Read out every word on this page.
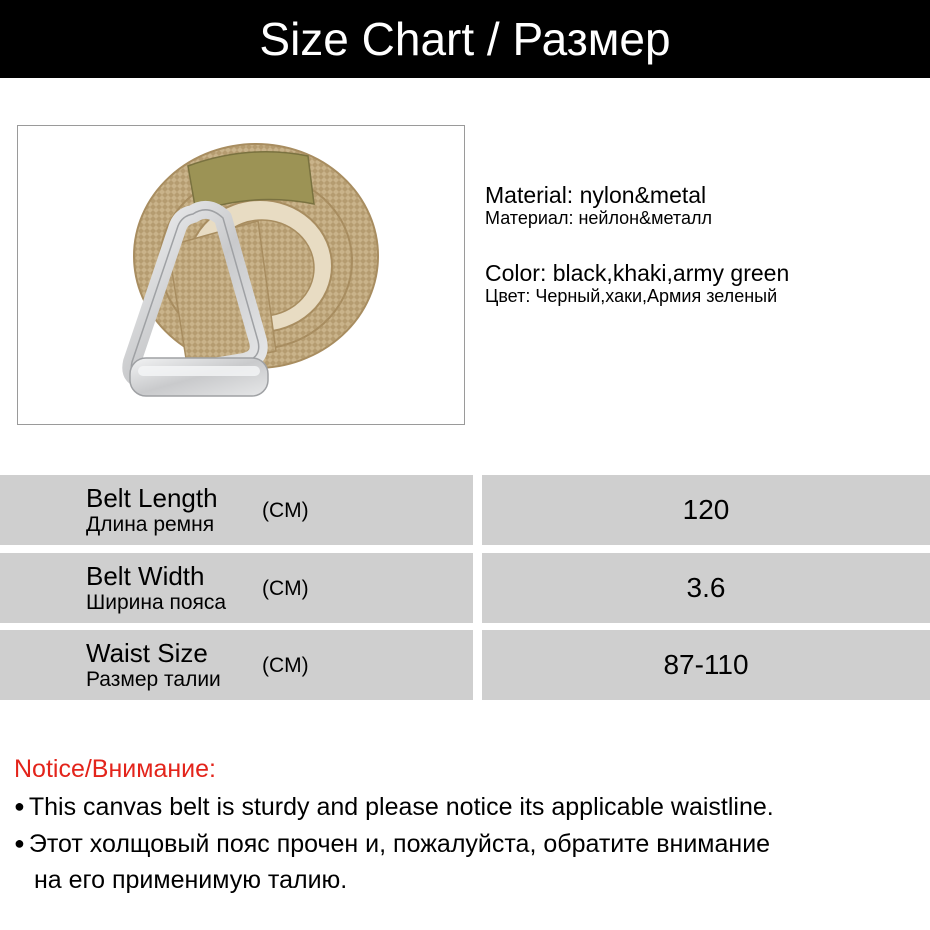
Size Chart / Размер
Material: nylon&metal
Материал: нейлон&металл
Color: black,khaki,army green
Цвет: Черный,хаки,Армия зеленый
Belt Length
Длина ремня
(CM)	120
Belt Width
Ширина пояса
(CM)	3.6
Waist Size
Размер талии
(CM)	87-110
Notice/Внимание:
● This canvas belt is sturdy and please notice its applicable waistline.
● Этот холщовый пояс прочен и, пожалуйста, обратите внимание
на его применимую талию.
